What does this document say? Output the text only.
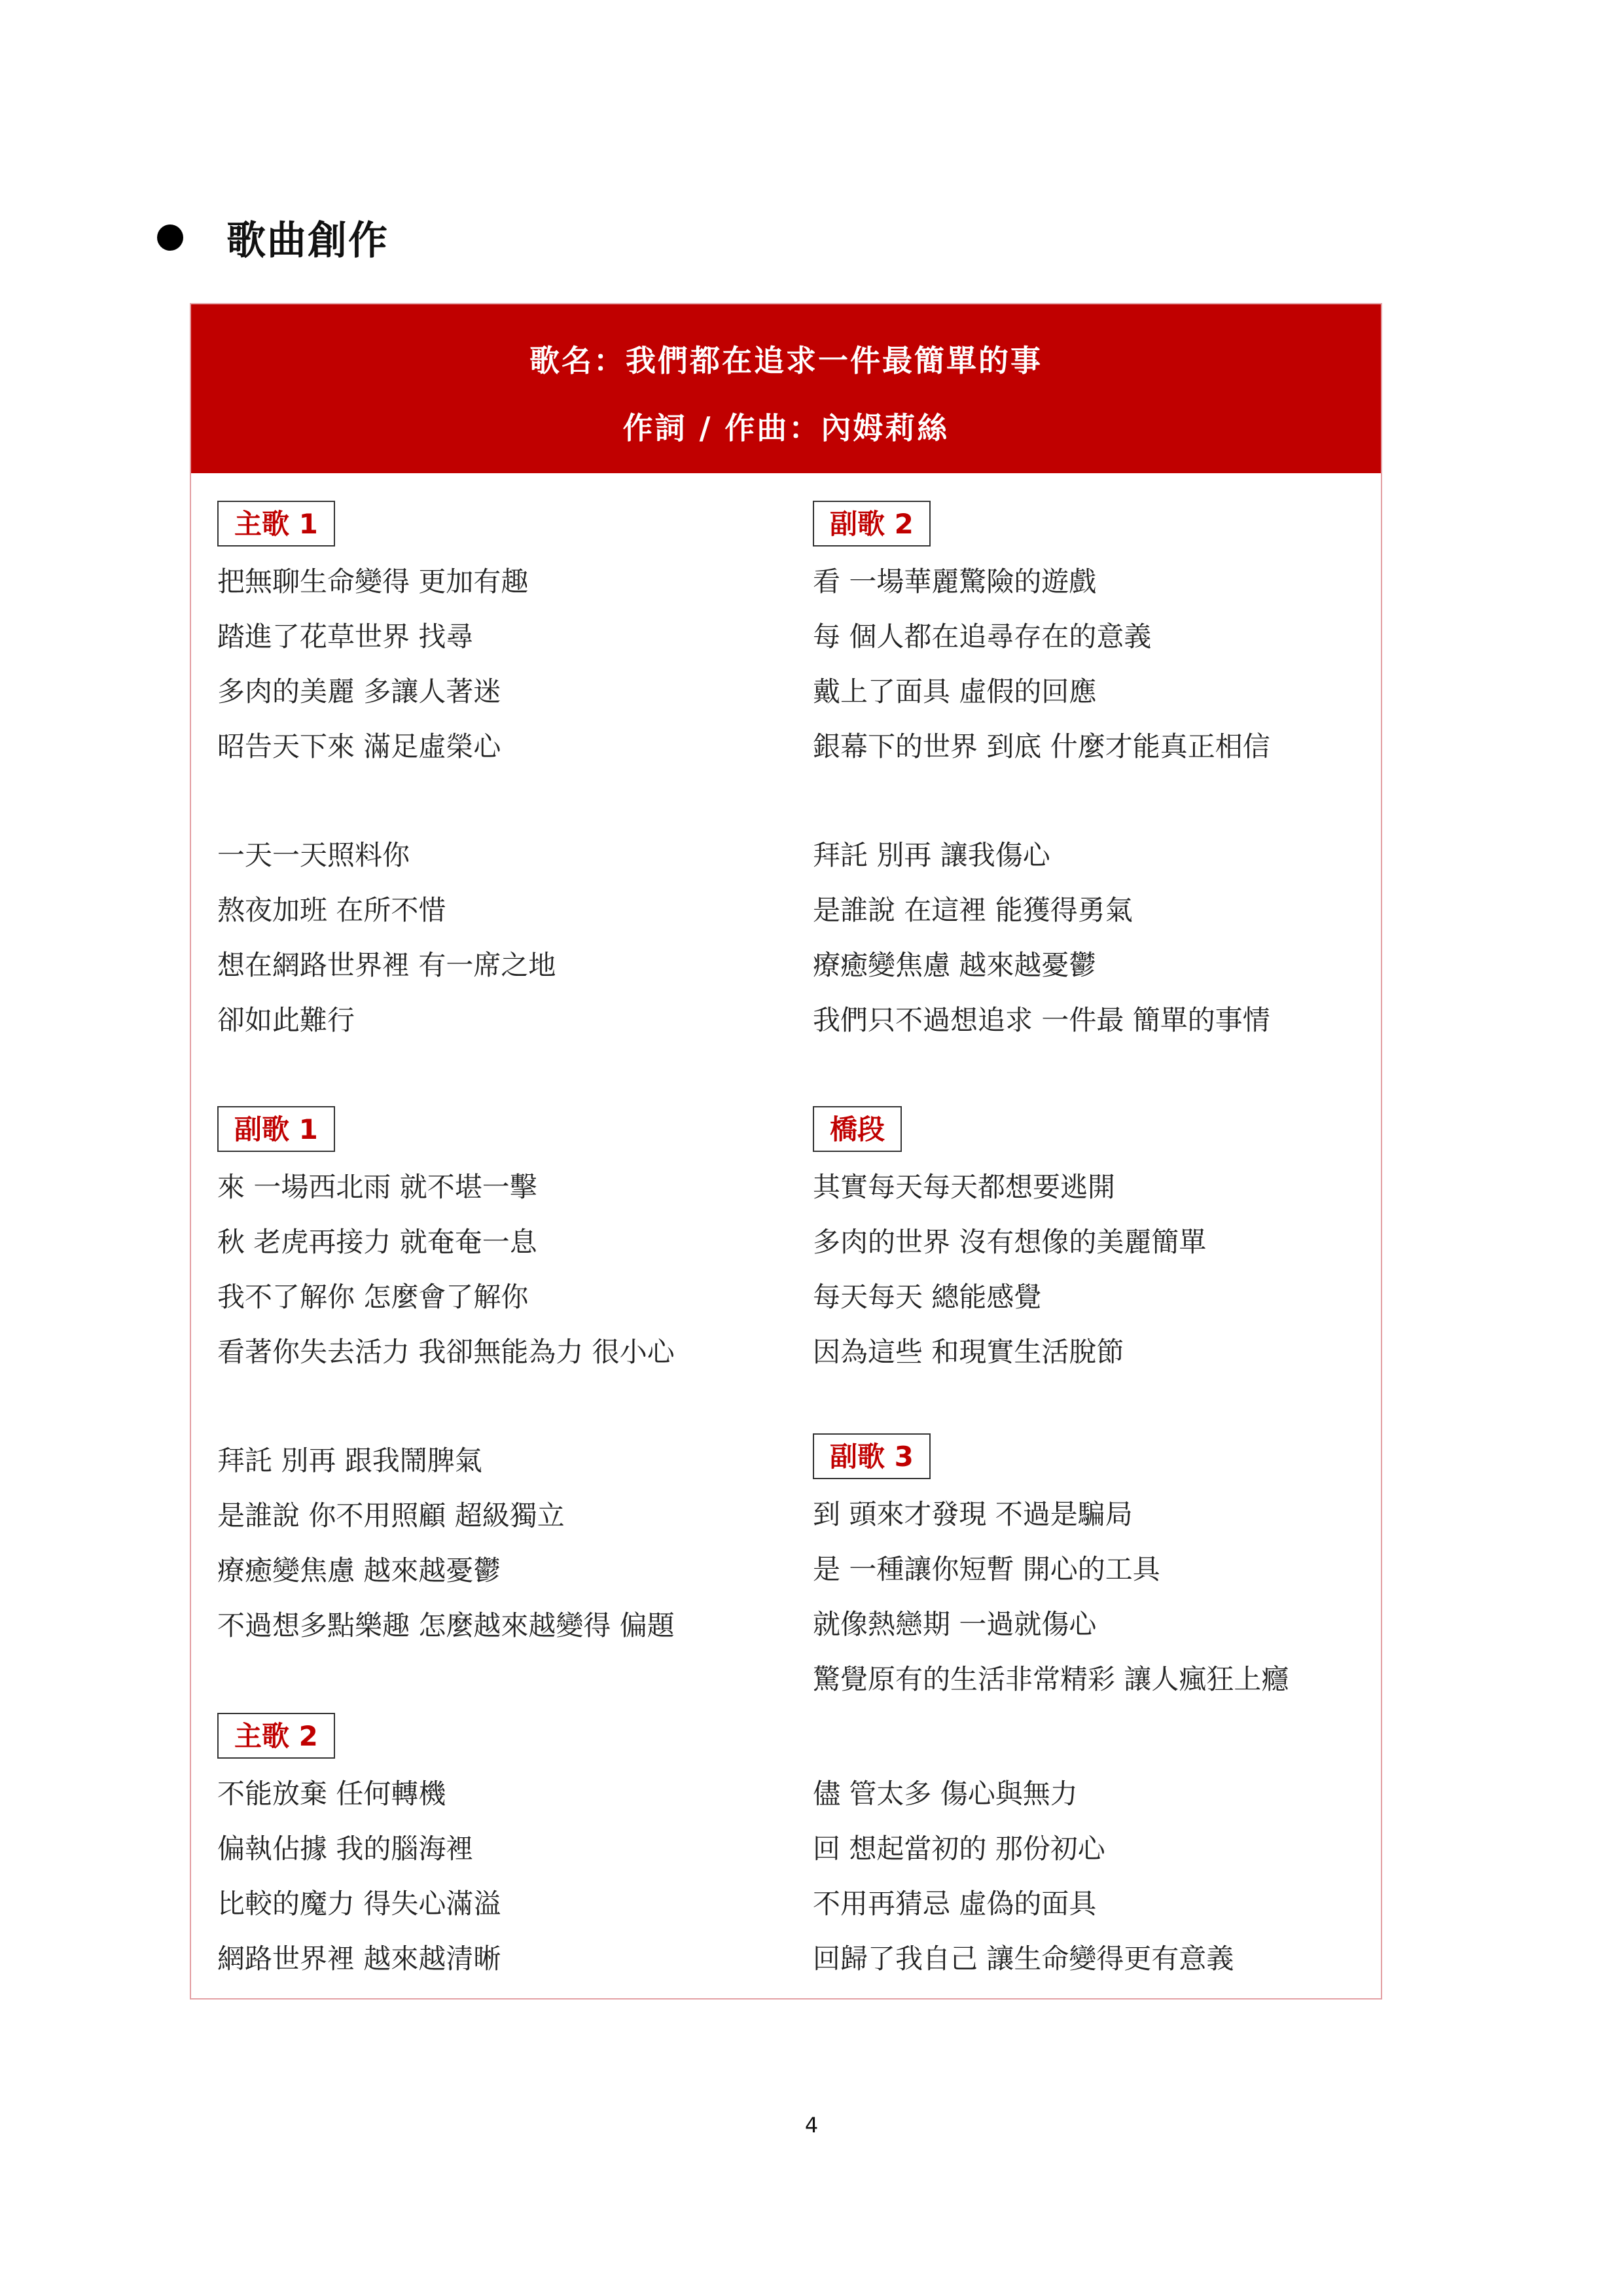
歌曲創作
歌名：我們都在追求一件最簡單的事
作詞 / 作曲：內姆莉絲
主歌 1
把無聊生命變得 更加有趣
踏進了花草世界 找尋
多肉的美麗 多讓人著迷
昭告天下來 滿足虛榮心
一天一天照料你
熬夜加班 在所不惜
想在網路世界裡 有一席之地
卻如此難行
副歌 1
來 一場西北雨 就不堪一擊
秋 老虎再接力 就奄奄一息
我不了解你 怎麼會了解你
看著你失去活力 我卻無能為力 很小心
拜託 別再 跟我鬧脾氣
是誰說 你不用照顧 超級獨立
療癒變焦慮 越來越憂鬱
不過想多點樂趣 怎麼越來越變得 偏題
主歌 2
不能放棄 任何轉機
偏執佔據 我的腦海裡
比較的魔力 得失心滿溢
網路世界裡 越來越清晰
副歌 2
看 一場華麗驚險的遊戲
每 個人都在追尋存在的意義
戴上了面具 虛假的回應
銀幕下的世界 到底 什麼才能真正相信
拜託 別再 讓我傷心
是誰說 在這裡 能獲得勇氣
療癒變焦慮 越來越憂鬱
我們只不過想追求 一件最 簡單的事情
橋段
其實每天每天都想要逃開
多肉的世界 沒有想像的美麗簡單
每天每天 總能感覺
因為這些 和現實生活脫節
副歌 3
到 頭來才發現 不過是騙局
是 一種讓你短暫 開心的工具
就像熱戀期 一過就傷心
驚覺原有的生活非常精彩 讓人瘋狂上癮
儘 管太多 傷心與無力
回 想起當初的 那份初心
不用再猜忌 虛偽的面具
回歸了我自己 讓生命變得更有意義
4
